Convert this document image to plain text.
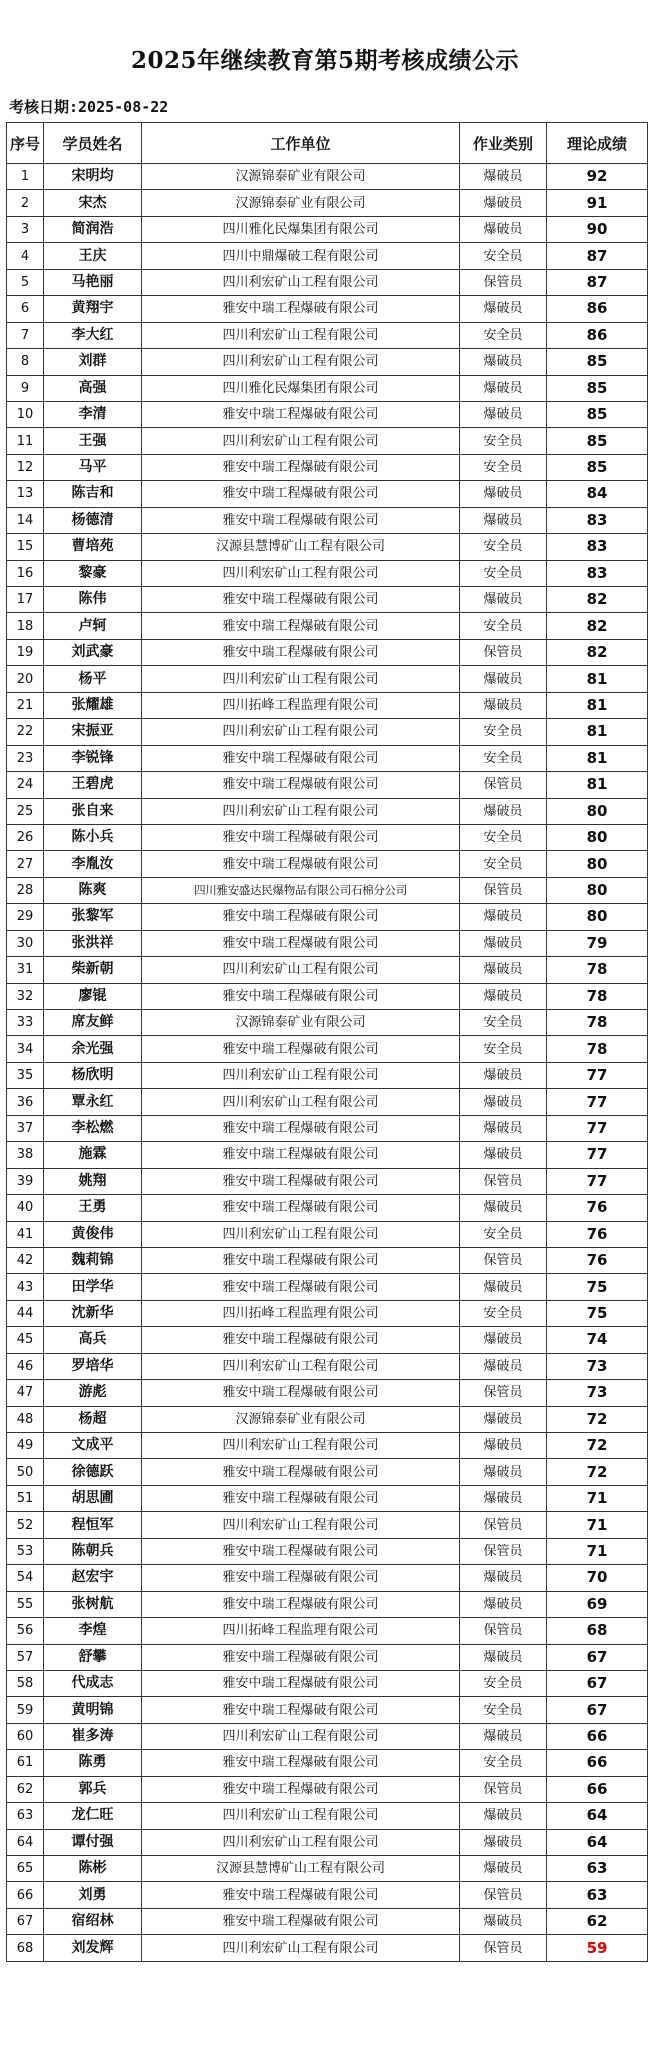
2025年继续教育第5期考核成绩公示
考核日期:2025-08-22
序号	学员姓名	工作单位	作业类别	理论成绩
1	宋明均	汉源锦泰矿业有限公司	爆破员	92
2	宋杰	汉源锦泰矿业有限公司	爆破员	91
3	简润浩	四川雅化民爆集团有限公司	爆破员	90
4	王庆	四川中鼎爆破工程有限公司	安全员	87
5	马艳丽	四川利宏矿山工程有限公司	保管员	87
6	黄翔宇	雅安中瑞工程爆破有限公司	爆破员	86
7	李大红	四川利宏矿山工程有限公司	安全员	86
8	刘群	四川利宏矿山工程有限公司	爆破员	85
9	高强	四川雅化民爆集团有限公司	爆破员	85
10	李清	雅安中瑞工程爆破有限公司	爆破员	85
11	王强	四川利宏矿山工程有限公司	安全员	85
12	马平	雅安中瑞工程爆破有限公司	安全员	85
13	陈吉和	雅安中瑞工程爆破有限公司	爆破员	84
14	杨德清	雅安中瑞工程爆破有限公司	爆破员	83
15	曹培苑	汉源县慧博矿山工程有限公司	安全员	83
16	黎豪	四川利宏矿山工程有限公司	安全员	83
17	陈伟	雅安中瑞工程爆破有限公司	爆破员	82
18	卢轲	雅安中瑞工程爆破有限公司	安全员	82
19	刘武豪	雅安中瑞工程爆破有限公司	保管员	82
20	杨平	四川利宏矿山工程有限公司	爆破员	81
21	张耀雄	四川拓峰工程监理有限公司	爆破员	81
22	宋振亚	四川利宏矿山工程有限公司	安全员	81
23	李锐锋	雅安中瑞工程爆破有限公司	安全员	81
24	王碧虎	雅安中瑞工程爆破有限公司	保管员	81
25	张自来	四川利宏矿山工程有限公司	爆破员	80
26	陈小兵	雅安中瑞工程爆破有限公司	安全员	80
27	李胤汝	雅安中瑞工程爆破有限公司	安全员	80
28	陈爽	四川雅安盛达民爆物品有限公司石棉分公司	保管员	80
29	张黎军	雅安中瑞工程爆破有限公司	爆破员	80
30	张洪祥	雅安中瑞工程爆破有限公司	爆破员	79
31	柴新朝	四川利宏矿山工程有限公司	爆破员	78
32	廖锟	雅安中瑞工程爆破有限公司	爆破员	78
33	席友鲜	汉源锦泰矿业有限公司	安全员	78
34	余光强	雅安中瑞工程爆破有限公司	安全员	78
35	杨欣明	四川利宏矿山工程有限公司	爆破员	77
36	覃永红	四川利宏矿山工程有限公司	爆破员	77
37	李松燃	雅安中瑞工程爆破有限公司	爆破员	77
38	施霖	雅安中瑞工程爆破有限公司	爆破员	77
39	姚翔	雅安中瑞工程爆破有限公司	保管员	77
40	王勇	雅安中瑞工程爆破有限公司	爆破员	76
41	黄俊伟	四川利宏矿山工程有限公司	安全员	76
42	魏莉锦	雅安中瑞工程爆破有限公司	保管员	76
43	田学华	雅安中瑞工程爆破有限公司	爆破员	75
44	沈新华	四川拓峰工程监理有限公司	安全员	75
45	高兵	雅安中瑞工程爆破有限公司	爆破员	74
46	罗培华	四川利宏矿山工程有限公司	爆破员	73
47	游彪	雅安中瑞工程爆破有限公司	保管员	73
48	杨超	汉源锦泰矿业有限公司	爆破员	72
49	文成平	四川利宏矿山工程有限公司	爆破员	72
50	徐德跃	雅安中瑞工程爆破有限公司	爆破员	72
51	胡思圃	雅安中瑞工程爆破有限公司	爆破员	71
52	程恒军	四川利宏矿山工程有限公司	保管员	71
53	陈朝兵	雅安中瑞工程爆破有限公司	保管员	71
54	赵宏宇	雅安中瑞工程爆破有限公司	爆破员	70
55	张树航	雅安中瑞工程爆破有限公司	爆破员	69
56	李煌	四川拓峰工程监理有限公司	保管员	68
57	舒攀	雅安中瑞工程爆破有限公司	爆破员	67
58	代成志	雅安中瑞工程爆破有限公司	安全员	67
59	黄明锦	雅安中瑞工程爆破有限公司	安全员	67
60	崔多涛	四川利宏矿山工程有限公司	爆破员	66
61	陈勇	雅安中瑞工程爆破有限公司	安全员	66
62	郭兵	雅安中瑞工程爆破有限公司	保管员	66
63	龙仁旺	四川利宏矿山工程有限公司	爆破员	64
64	谭付强	四川利宏矿山工程有限公司	爆破员	64
65	陈彬	汉源县慧博矿山工程有限公司	爆破员	63
66	刘勇	雅安中瑞工程爆破有限公司	保管员	63
67	宿绍林	雅安中瑞工程爆破有限公司	爆破员	62
68	刘发辉	四川利宏矿山工程有限公司	保管员	59
